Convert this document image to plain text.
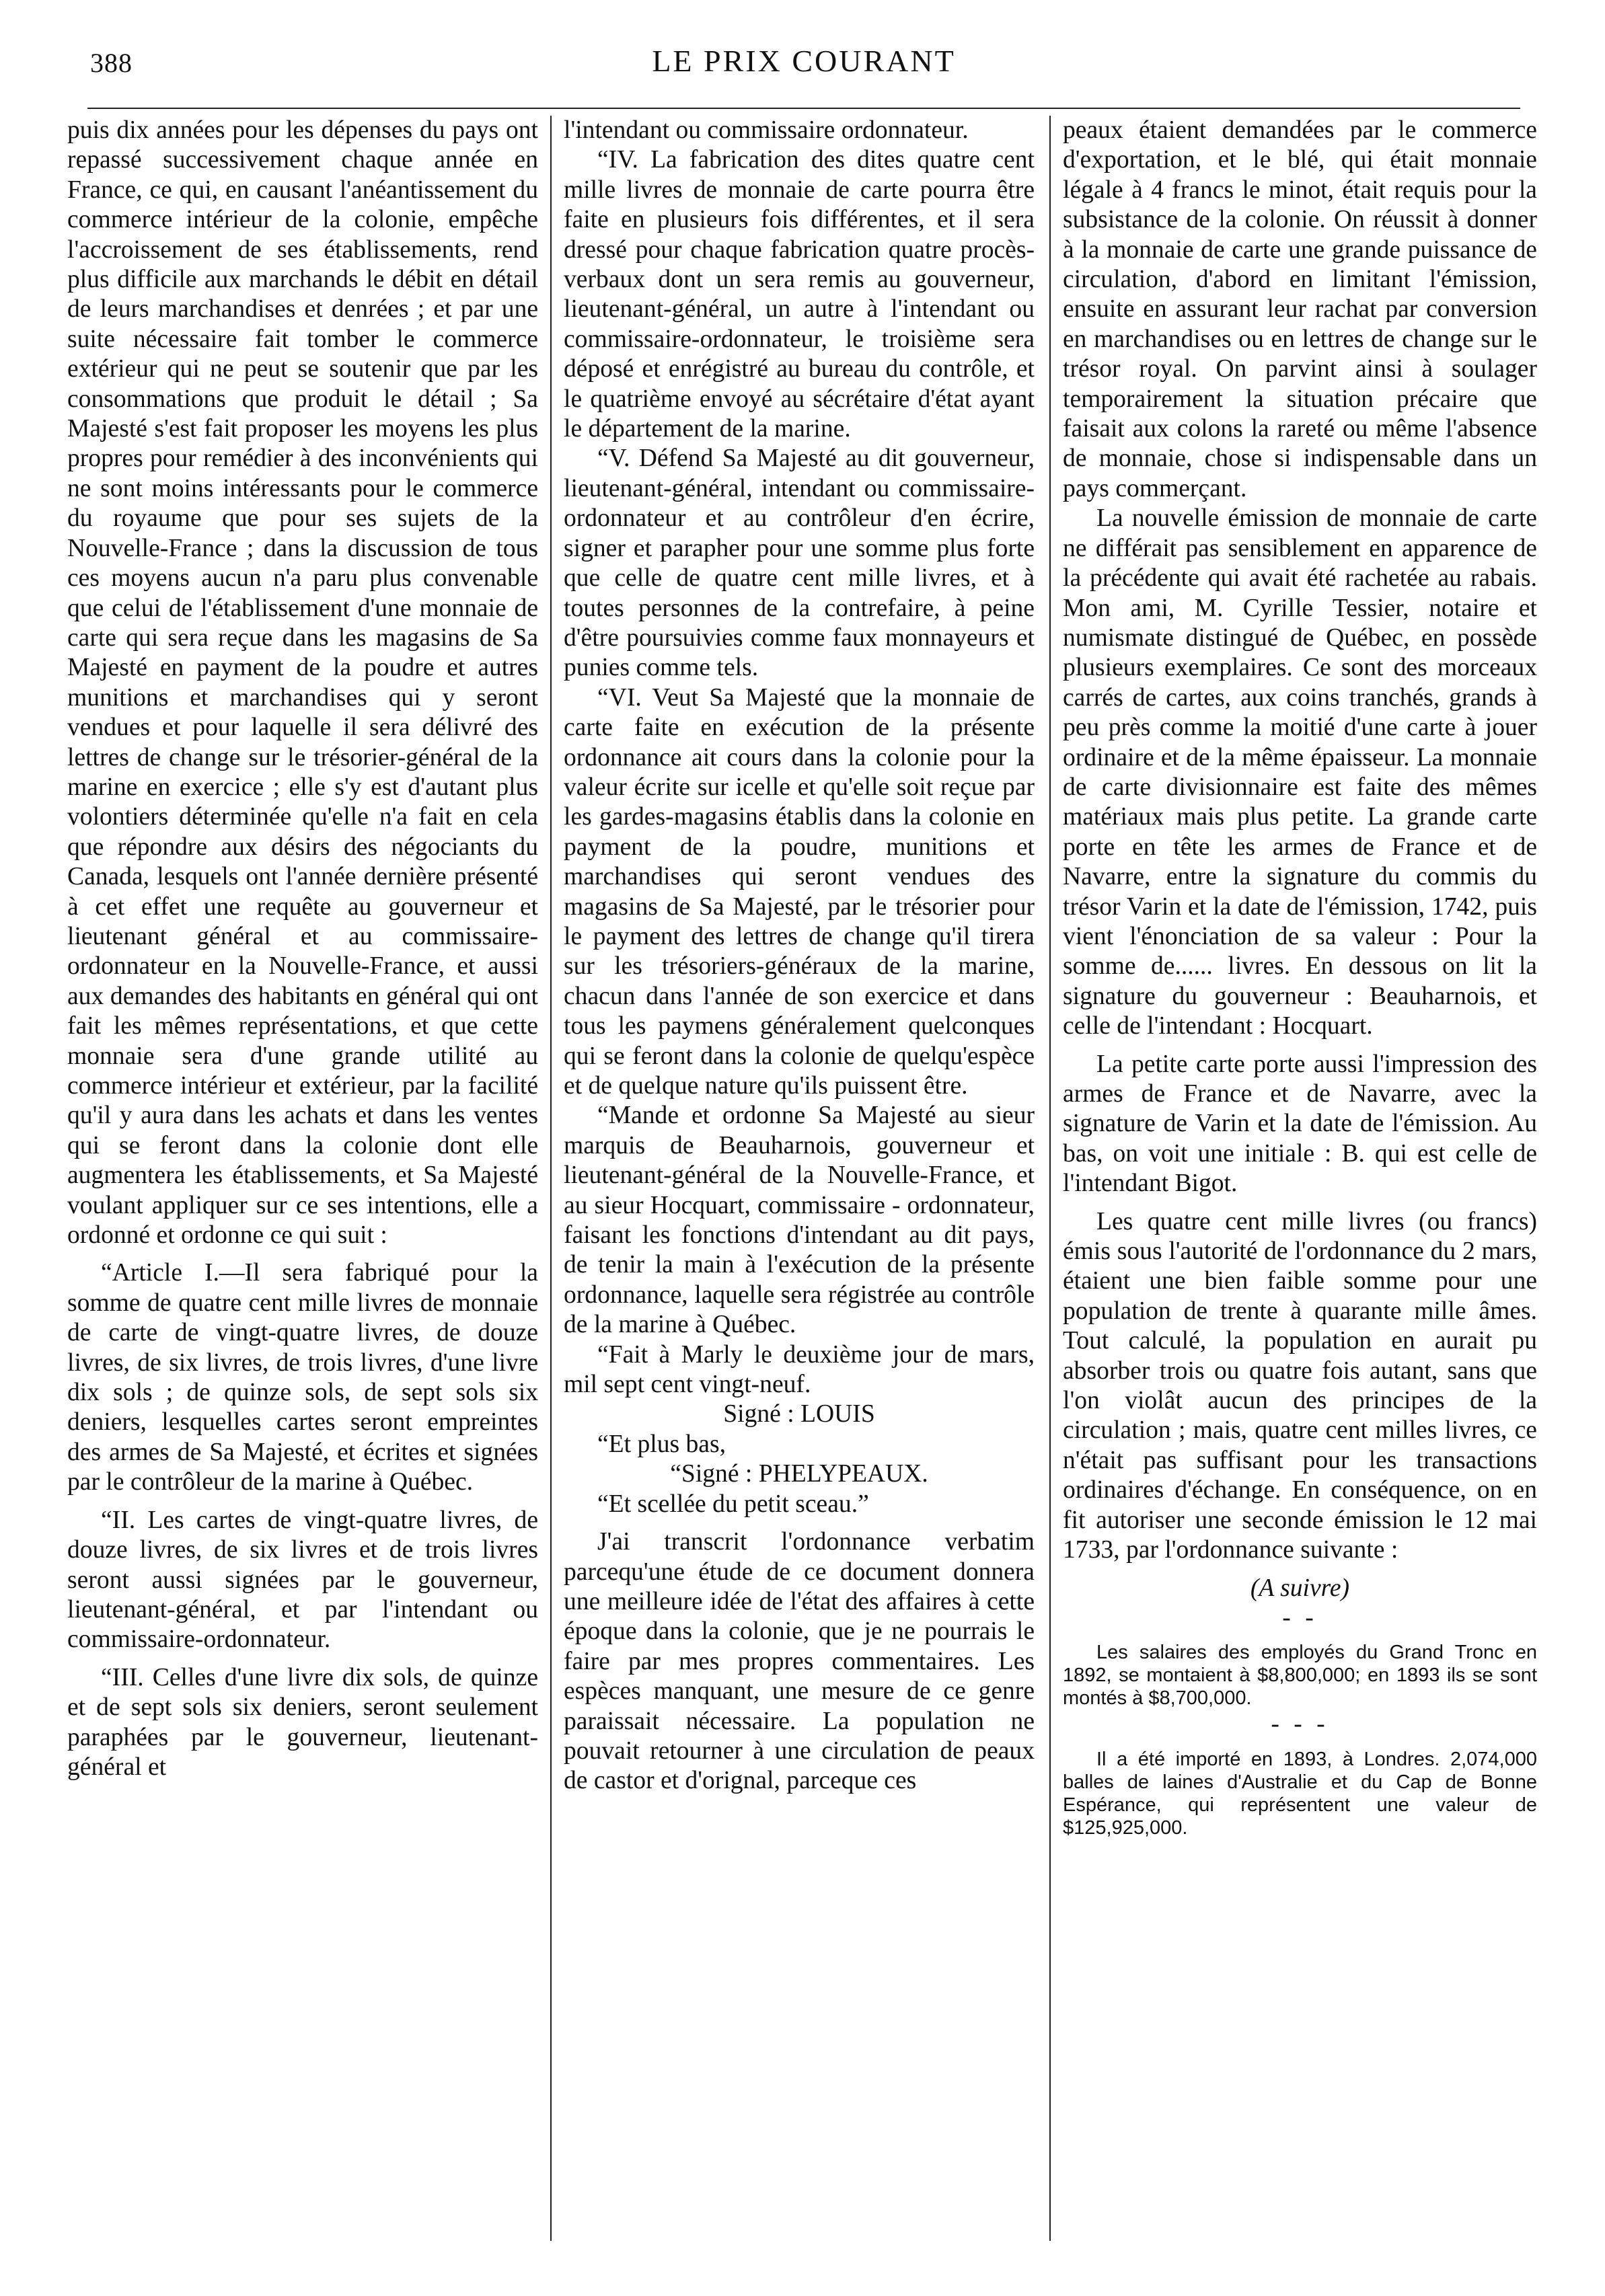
388	LE PRIX COURANT

puis dix années pour les dépenses du pays ont repassé successivement chaque année en France, ce qui, en causant l'anéantissement du commerce intérieur de la colonie, empêche l'accroissement de ses établissements, rend plus difficile aux marchands le débit en détail de leurs marchandises et denrées ; et par une suite nécessaire fait tomber le commerce extérieur qui ne peut se soutenir que par les consommations que produit le détail ; Sa Majesté s'est fait proposer les moyens les plus propres pour remédier à des inconvénients qui ne sont moins intéressants pour le commerce du royaume que pour ses sujets de la Nouvelle-France ; dans la discussion de tous ces moyens aucun n'a paru plus convenable que celui de l'établissement d'une monnaie de carte qui sera reçue dans les magasins de Sa Majesté en payment de la poudre et autres munitions et marchandises qui y seront vendues et pour laquelle il sera délivré des lettres de change sur le trésorier-général de la marine en exercice ; elle s'y est d'autant plus volontiers déterminée qu'elle n'a fait en cela que répondre aux désirs des négociants du Canada, lesquels ont l'année dernière présenté à cet effet une requête au gouverneur et lieutenant général et au commissaire-ordonnateur en la Nouvelle-France, et aussi aux demandes des habitants en général qui ont fait les mêmes représentations, et que cette monnaie sera d'une grande utilité au commerce intérieur et extérieur, par la facilité qu'il y aura dans les achats et dans les ventes qui se feront dans la colonie dont elle augmentera les établissements, et Sa Majesté voulant appliquer sur ce ses intentions, elle a ordonné et ordonne ce qui suit :

“Article I.—Il sera fabriqué pour la somme de quatre cent mille livres de monnaie de carte de vingt-quatre livres, de douze livres, de six livres, de trois livres, d'une livre dix sols ; de quinze sols, de sept sols six deniers, lesquelles cartes seront empreintes des armes de Sa Majesté, et écrites et signées par le contrôleur de la marine à Québec.

“II. Les cartes de vingt-quatre livres, de douze livres, de six livres et de trois livres seront aussi signées par le gouverneur, lieutenant-général, et par l'intendant ou commissaire-ordonnateur.

“III. Celles d'une livre dix sols, de quinze et de sept sols six deniers, seront seulement paraphées par le gouverneur, lieutenant-général et

l'intendant ou commissaire ordonnateur.

“IV. La fabrication des dites quatre cent mille livres de monnaie de carte pourra être faite en plusieurs fois différentes, et il sera dressé pour chaque fabrication quatre procès-verbaux dont un sera remis au gouverneur, lieutenant-général, un autre à l'intendant ou commissaire-ordonnateur, le troisième sera déposé et enrégistré au bureau du contrôle, et le quatrième envoyé au sécrétaire d'état ayant le département de la marine.

“V. Défend Sa Majesté au dit gouverneur, lieutenant-général, intendant ou commissaire-ordonnateur et au contrôleur d'en écrire, signer et parapher pour une somme plus forte que celle de quatre cent mille livres, et à toutes personnes de la contrefaire, à peine d'être poursuivies comme faux monnayeurs et punies comme tels.

“VI. Veut Sa Majesté que la monnaie de carte faite en exécution de la présente ordonnance ait cours dans la colonie pour la valeur écrite sur icelle et qu'elle soit reçue par les gardes-magasins établis dans la colonie en payment de la poudre, munitions et marchandises qui seront vendues des magasins de Sa Majesté, par le trésorier pour le payment des lettres de change qu'il tirera sur les trésoriers-généraux de la marine, chacun dans l'année de son exercice et dans tous les paymens généralement quelconques qui se feront dans la colonie de quelqu'espèce et de quelque nature qu'ils puissent être.

“Mande et ordonne Sa Majesté au sieur marquis de Beauharnois, gouverneur et lieutenant-général de la Nouvelle-France, et au sieur Hocquart, commissaire - ordonnateur, faisant les fonctions d'intendant au dit pays, de tenir la main à l'exécution de la présente ordonnance, laquelle sera régistrée au contrôle de la marine à Québec.

“Fait à Marly le deuxième jour de mars, mil sept cent vingt-neuf.

Signé : LOUIS

“Et plus bas,

“Signé : PHELYPEAUX.

“Et scellée du petit sceau.”

J'ai transcrit l'ordonnance verbatim parcequ'une étude de ce document donnera une meilleure idée de l'état des affaires à cette époque dans la colonie, que je ne pourrais le faire par mes propres commentaires. Les espèces manquant, une mesure de ce genre paraissait nécessaire. La population ne pouvait retourner à une circulation de peaux de castor et d'orignal, parceque ces

peaux étaient demandées par le commerce d'exportation, et le blé, qui était monnaie légale à 4 francs le minot, était requis pour la subsistance de la colonie. On réussit à donner à la monnaie de carte une grande puissance de circulation, d'abord en limitant l'émission, ensuite en assurant leur rachat par conversion en marchandises ou en lettres de change sur le trésor royal. On parvint ainsi à soulager temporairement la situation précaire que faisait aux colons la rareté ou même l'absence de monnaie, chose si indispensable dans un pays commerçant.

La nouvelle émission de monnaie de carte ne différait pas sensiblement en apparence de la précédente qui avait été rachetée au rabais. Mon ami, M. Cyrille Tessier, notaire et numismate distingué de Québec, en possède plusieurs exemplaires. Ce sont des morceaux carrés de cartes, aux coins tranchés, grands à peu près comme la moitié d'une carte à jouer ordinaire et de la même épaisseur. La monnaie de carte divisionnaire est faite des mêmes matériaux mais plus petite. La grande carte porte en tête les armes de France et de Navarre, entre la signature du commis du trésor Varin et la date de l'émission, 1742, puis vient l'énonciation de sa valeur : Pour la somme de...... livres. En dessous on lit la signature du gouverneur : Beauharnois, et celle de l'intendant : Hocquart.

La petite carte porte aussi l'impression des armes de France et de Navarre, avec la signature de Varin et la date de l'émission. Au bas, on voit une initiale : B. qui est celle de l'intendant Bigot.

Les quatre cent mille livres (ou francs) émis sous l'autorité de l'ordonnance du 2 mars, étaient une bien faible somme pour une population de trente à quarante mille âmes. Tout calculé, la population en aurait pu absorber trois ou quatre fois autant, sans que l'on violât aucun des principes de la circulation ; mais, quatre cent milles livres, ce n'était pas suffisant pour les transactions ordinaires d'échange. En conséquence, on en fit autoriser une seconde émission le 12 mai 1733, par l'ordonnance suivante :

(A suivre)

- -

Les salaires des employés du Grand Tronc en 1892, se montaient à $8,800,000; en 1893 ils se sont montés à $8,700,000.

- - -

Il a été importé en 1893, à Londres. 2,074,000 balles de laines d'Australie et du Cap de Bonne Espérance, qui représentent une valeur de $125,925,000.
